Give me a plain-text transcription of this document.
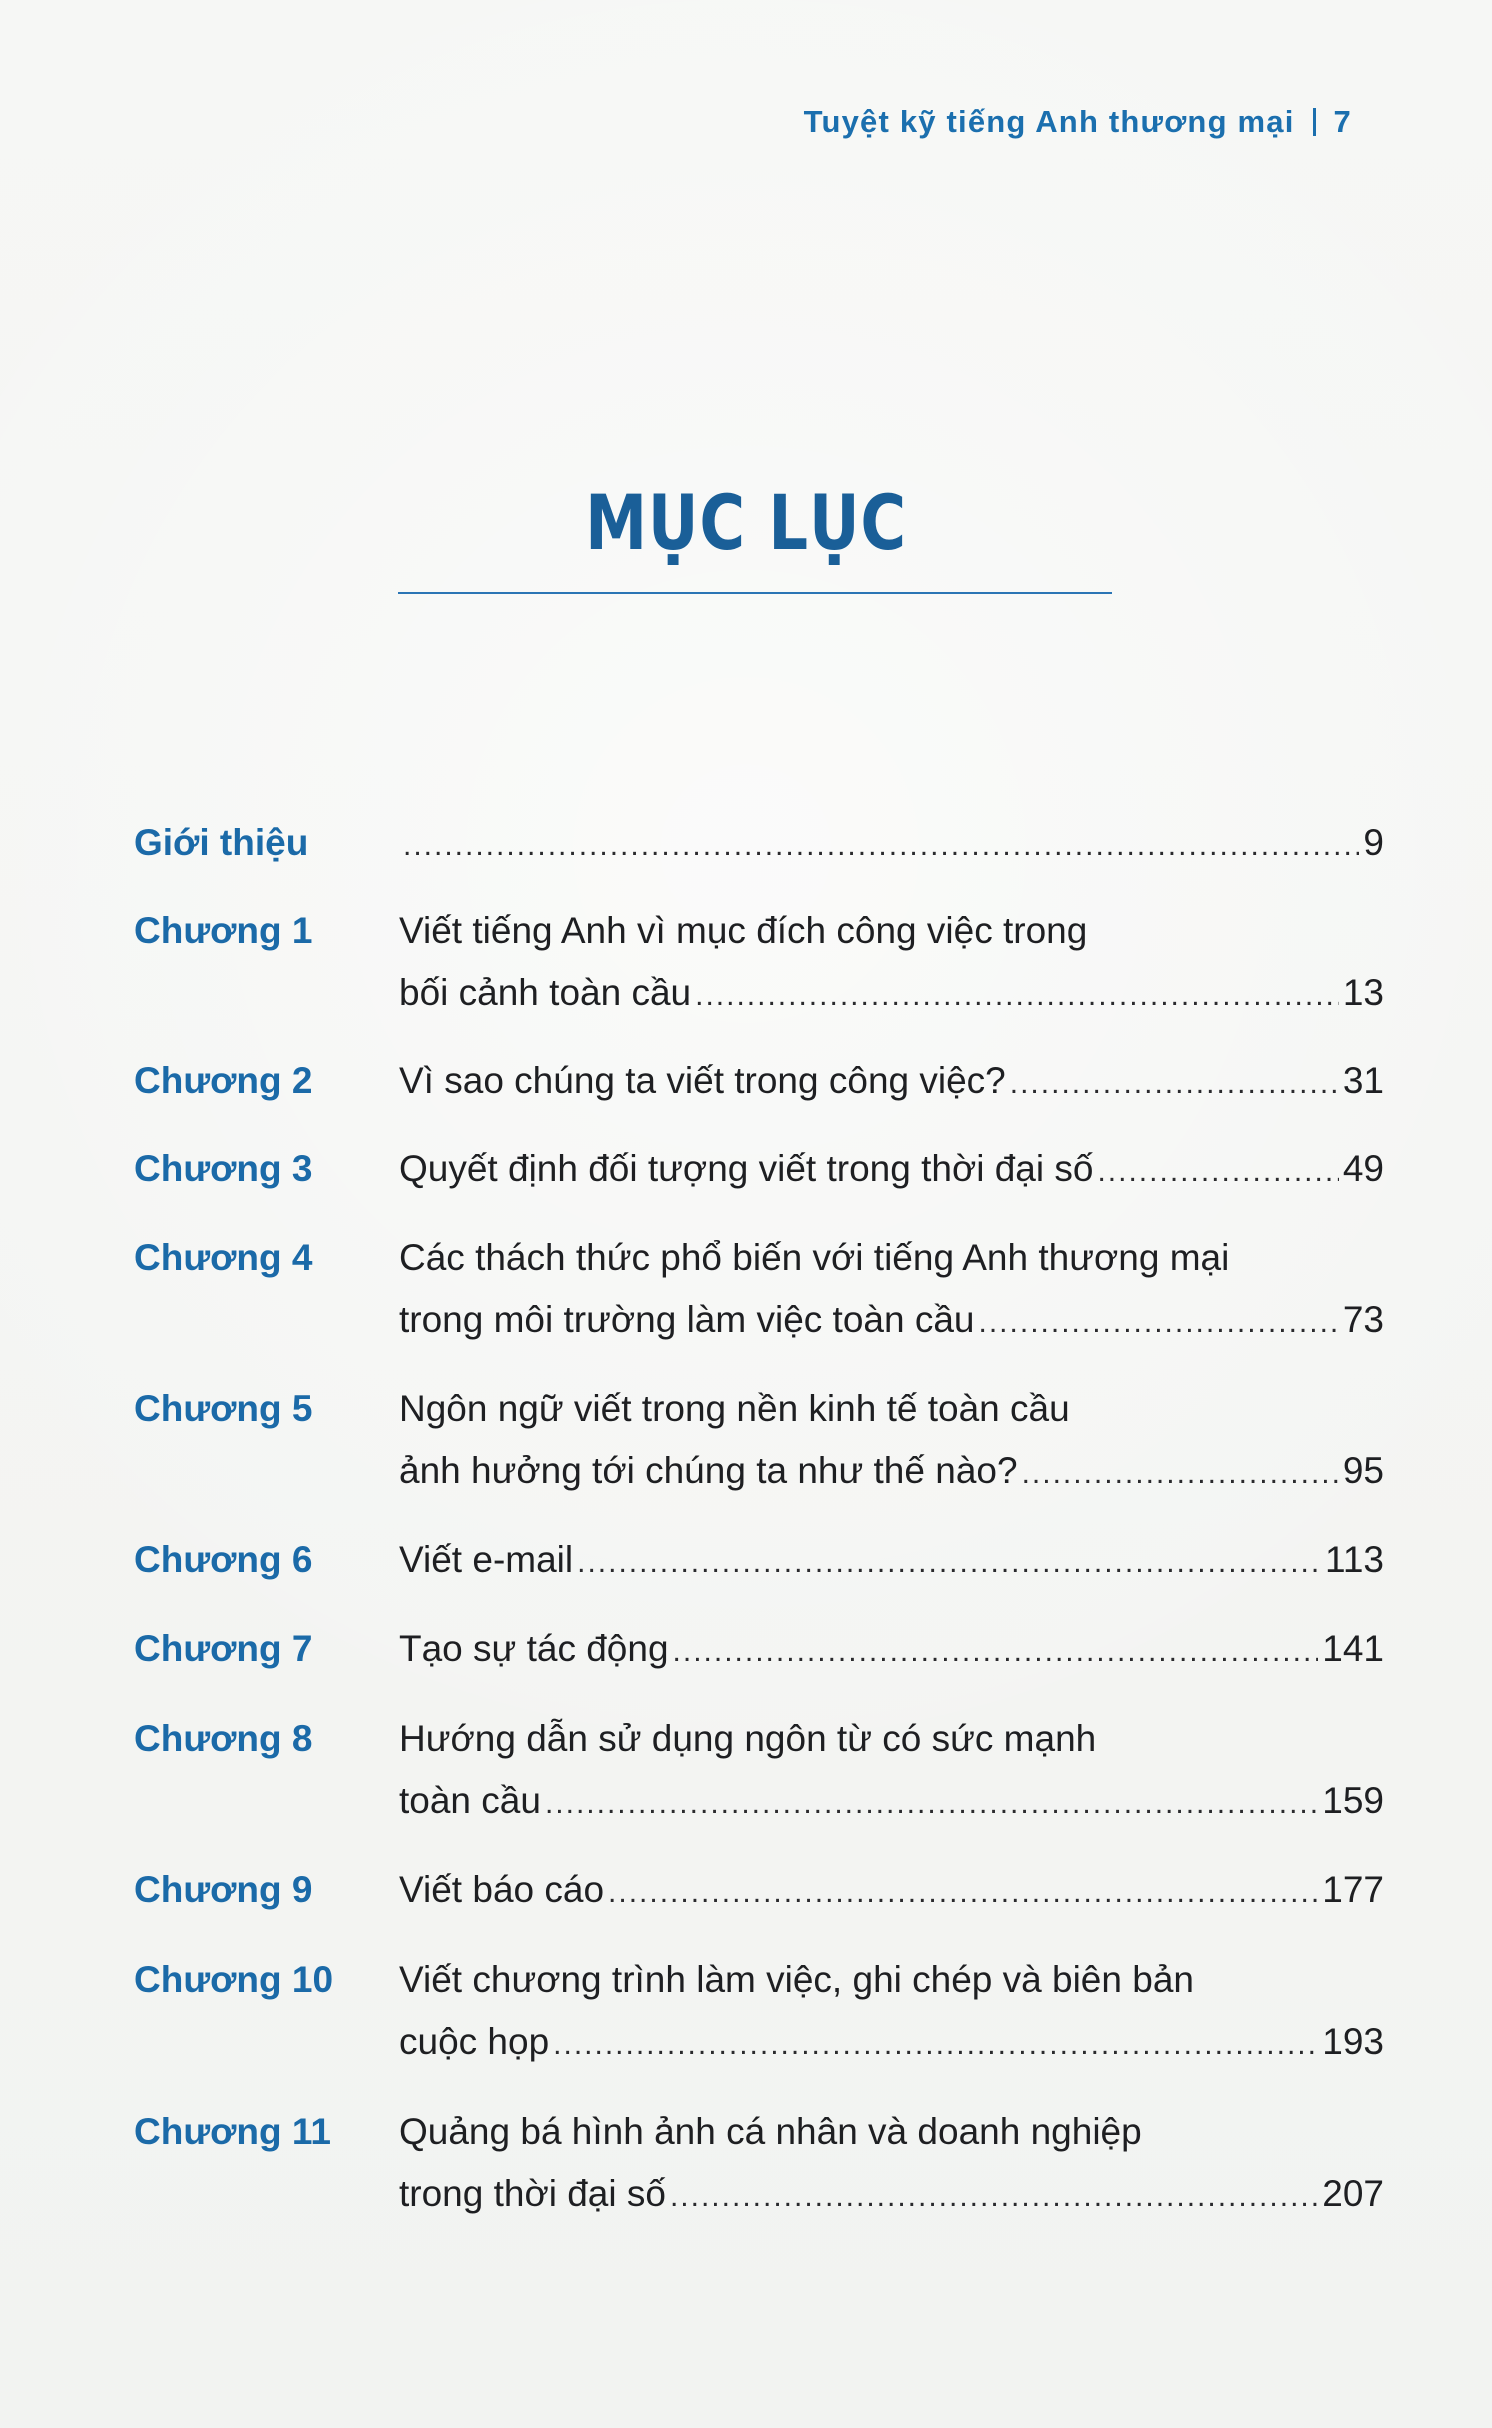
Tuyệt kỹ tiếng Anh thương mại 7
MỤC LỤC
Giới thiệu .....	9
Chương 1	Viết tiếng Anh vì mục đích công việc trong
bối cảnh toàn cầu .....	13
Chương 2	Vì sao chúng ta viết trong công việc? .....	31
Chương 3	Quyết định đối tượng viết trong thời đại số .....	49
Chương 4	Các thách thức phổ biến với tiếng Anh thương mại
trong môi trường làm việc toàn cầu .....	73
Chương 5	Ngôn ngữ viết trong nền kinh tế toàn cầu
ảnh hưởng tới chúng ta như thế nào? .....	95
Chương 6	Viết e-mail .....	113
Chương 7	Tạo sự tác động .....	141
Chương 8	Hướng dẫn sử dụng ngôn từ có sức mạnh
toàn cầu .....	159
Chương 9	Viết báo cáo .....	177
Chương 10	Viết chương trình làm việc, ghi chép và biên bản
cuộc họp .....	193
Chương 11	Quảng bá hình ảnh cá nhân và doanh nghiệp
trong thời đại số .....	207
